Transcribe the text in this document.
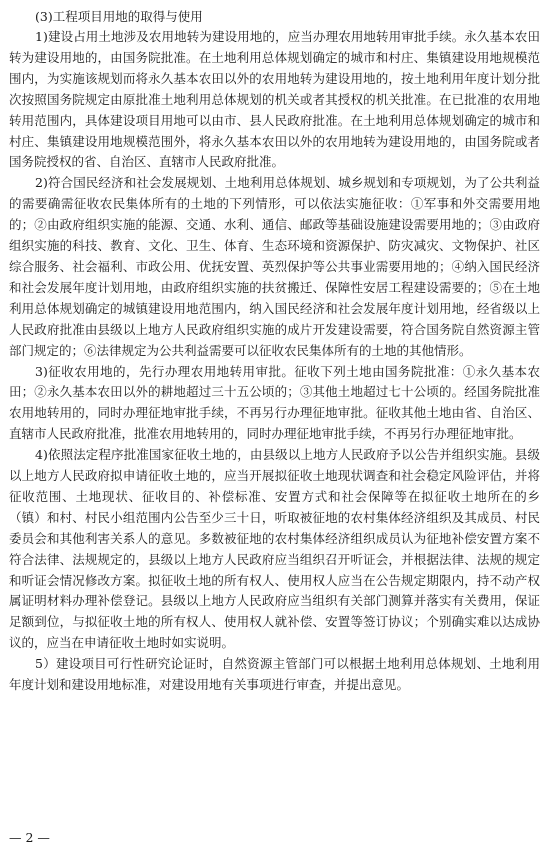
(3)工程项目用地的取得与使用

1)建设占用土地涉及农用地转为建设用地的，应当办理农用地转用审批手续。永久基本农田转为建设用地的，由国务院批准。在土地利用总体规划确定的城市和村庄、集镇建设用地规模范围内，为实施该规划而将永久基本农田以外的农用地转为建设用地的，按土地利用年度计划分批次按照国务院规定由原批准土地利用总体规划的机关或者其授权的机关批准。在已批准的农用地转用范围内，具体建设项目用地可以由市、县人民政府批准。在土地利用总体规划确定的城市和村庄、集镇建设用地规模范围外，将永久基本农田以外的农用地转为建设用地的，由国务院或者国务院授权的省、自治区、直辖市人民政府批准。

2)符合国民经济和社会发展规划、土地利用总体规划、城乡规划和专项规划，为了公共利益的需要确需征收农民集体所有的土地的下列情形，可以依法实施征收：①军事和外交需要用地的；②由政府组织实施的能源、交通、水利、通信、邮政等基础设施建设需要用地的；③由政府组织实施的科技、教育、文化、卫生、体育、生态环境和资源保护、防灾减灾、文物保护、社区综合服务、社会福利、市政公用、优抚安置、英烈保护等公共事业需要用地的；④纳入国民经济和社会发展年度计划用地，由政府组织实施的扶贫搬迁、保障性安居工程建设需要的；⑤在土地利用总体规划确定的城镇建设用地范围内，纳入国民经济和社会发展年度计划用地，经省级以上人民政府批准由县级以上地方人民政府组织实施的成片开发建设需要，符合国务院自然资源主管部门规定的；⑥法律规定为公共利益需要可以征收农民集体所有的土地的其他情形。

3)征收农用地的，先行办理农用地转用审批。征收下列土地由国务院批准：①永久基本农田；②永久基本农田以外的耕地超过三十五公顷的；③其他土地超过七十公顷的。经国务院批准农用地转用的，同时办理征地审批手续，不再另行办理征地审批。征收其他土地由省、自治区、直辖市人民政府批准，批准农用地转用的，同时办理征地审批手续，不再另行办理征地审批。

4)依照法定程序批准国家征收土地的，由县级以上地方人民政府予以公告并组织实施。县级以上地方人民政府拟申请征收土地的，应当开展拟征收土地现状调查和社会稳定风险评估，并将征收范围、土地现状、征收目的、补偿标准、安置方式和社会保障等在拟征收土地所在的乡（镇）和村、村民小组范围内公告至少三十日，听取被征地的农村集体经济组织及其成员、村民委员会和其他利害关系人的意见。多数被征地的农村集体经济组织成员认为征地补偿安置方案不符合法律、法规规定的，县级以上地方人民政府应当组织召开听证会，并根据法律、法规的规定和听证会情况修改方案。拟征收土地的所有权人、使用权人应当在公告规定期限内，持不动产权属证明材料办理补偿登记。县级以上地方人民政府应当组织有关部门测算并落实有关费用，保证足额到位，与拟征收土地的所有权人、使用权人就补偿、安置等签订协议；个别确实难以达成协议的，应当在申请征收土地时如实说明。

5）建设项目可行性研究论证时，自然资源主管部门可以根据土地利用总体规划、土地利用年度计划和建设用地标准，对建设用地有关事项进行审查，并提出意见。

— 2 —
